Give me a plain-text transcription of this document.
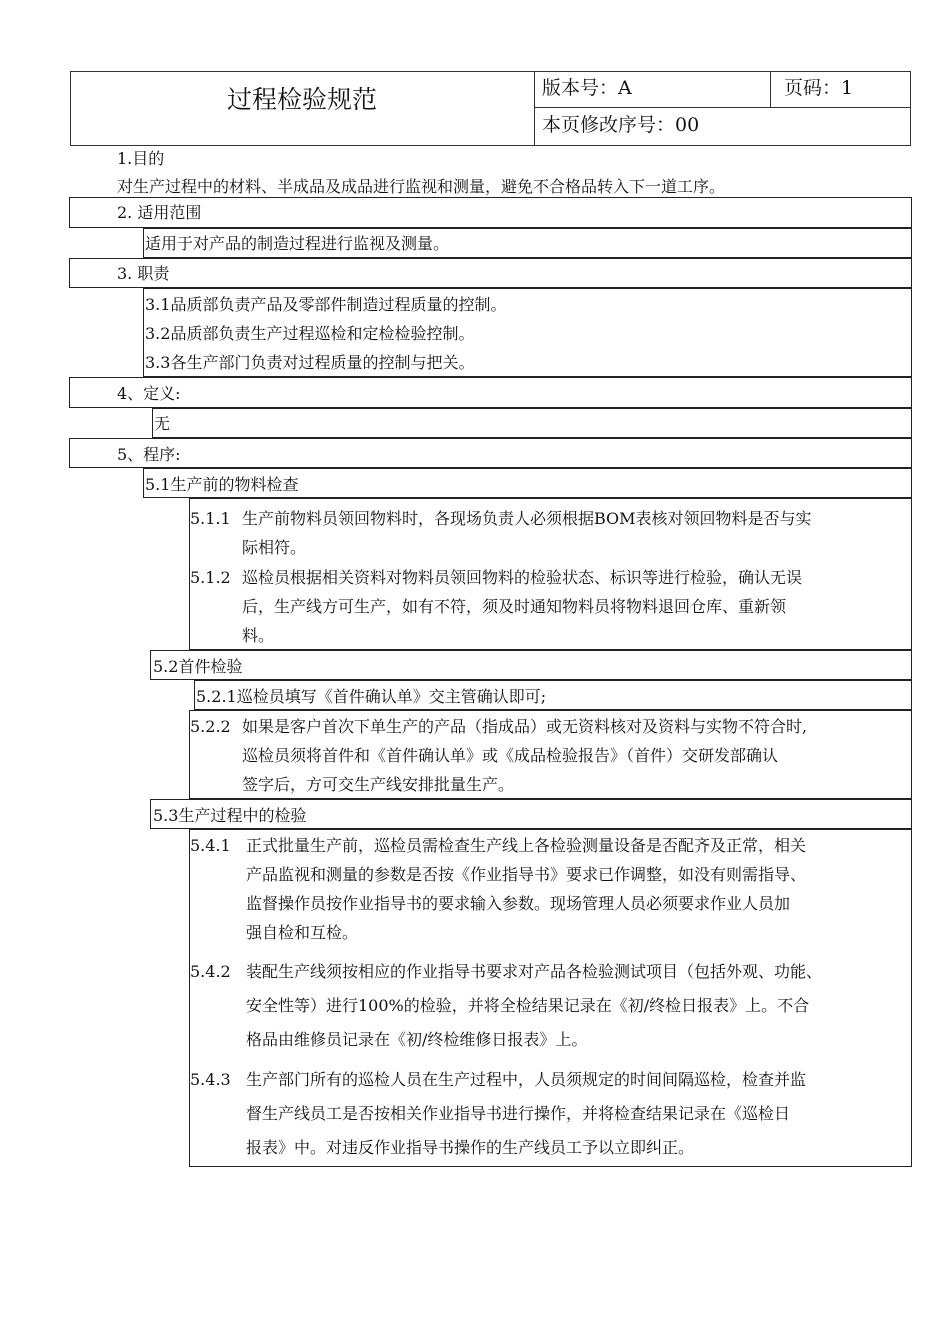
过程检验规范	版本号：A	页码：1
本页修改序号：00
1.目的
对生产过程中的材料、半成品及成品进行监视和测量，避免不合格品转入下一道工序。
2. 适用范围
适用于对产品的制造过程进行监视及测量。
3. 职责
3.1品质部负责产品及零部件制造过程质量的控制。
3.2品质部负责生产过程巡检和定检检验控制。
3.3各生产部门负责对过程质量的控制与把关。
4、定义:
无
5、程序:
5.1生产前的物料检查
5.1.1 生产前物料员领回物料时，各现场负责人必须根据BOM表核对领回物料是否与实
际相符。
5.1.2 巡检员根据相关资料对物料员领回物料的检验状态、标识等进行检验，确认无误
后，生产线方可生产，如有不符，须及时通知物料员将物料退回仓库、重新领
料。
5.2首件检验
5.2.1巡检员填写《首件确认单》交主管确认即可;
5.2.2 如果是客户首次下单生产的产品（指成品）或无资料核对及资料与实物不符合时,
巡检员须将首件和《首件确认单》或《成品检验报告》（首件）交研发部确认
签字后，方可交生产线安排批量生产。
5.3生产过程中的检验
5.4.1 正式批量生产前，巡检员需检查生产线上各检验测量设备是否配齐及正常，相关
产品监视和测量的参数是否按《作业指导书》要求已作调整，如没有则需指导、
监督操作员按作业指导书的要求输入参数。现场管理人员必须要求作业人员加
强自检和互检。
5.4.2 装配生产线须按相应的作业指导书要求对产品各检验测试项目（包括外观、功能、
安全性等）进行100%的检验，并将全检结果记录在《初/终检日报表》上。不合
格品由维修员记录在《初/终检维修日报表》上。
5.4.3 生产部门所有的巡检人员在生产过程中，人员须规定的时间间隔巡检，检查并监
督生产线员工是否按相关作业指导书进行操作，并将检查结果记录在《巡检日
报表》中。对违反作业指导书操作的生产线员工予以立即纠正。
